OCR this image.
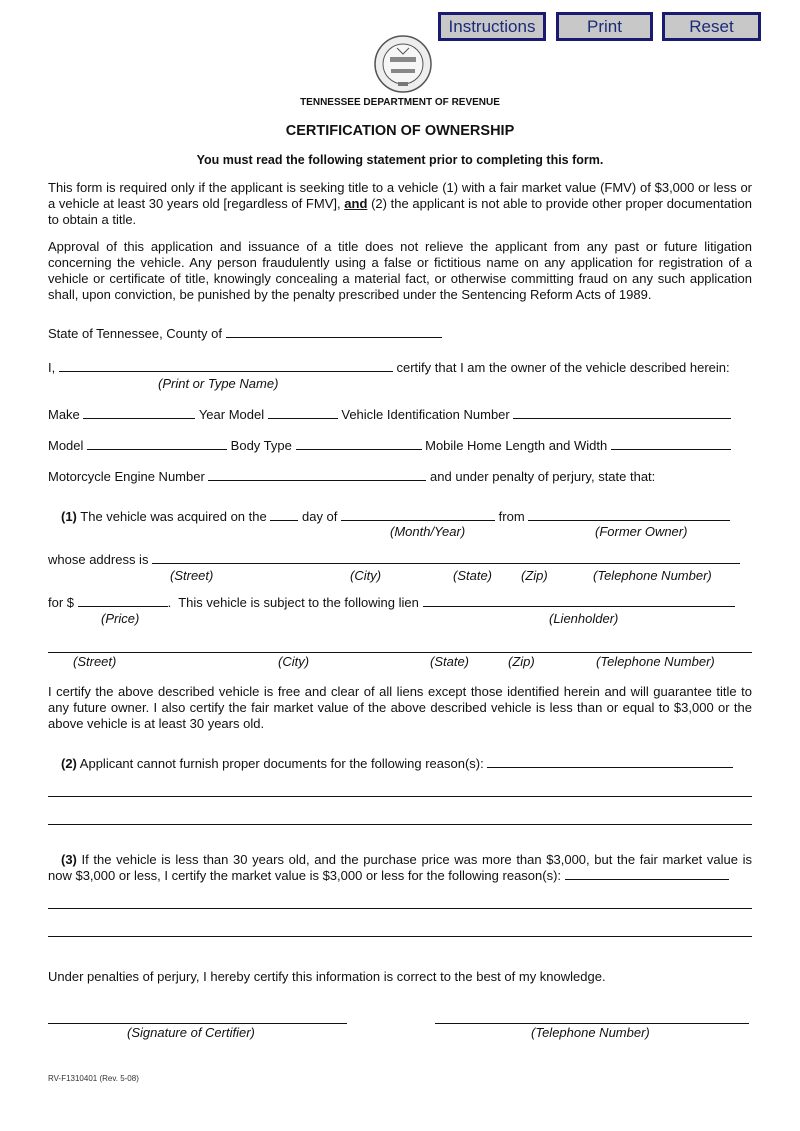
Instructions	Print	Reset
TENNESSEE DEPARTMENT OF REVENUE
CERTIFICATION OF OWNERSHIP
You must read the following statement prior to completing this form.
This form is required only if the applicant is seeking title to a vehicle (1) with a fair market value (FMV) of $3,000 or less or a vehicle at least 30 years old [regardless of FMV], and (2) the applicant is not able to provide other proper documentation to obtain a title.
Approval of this application and issuance of a title does not relieve the applicant from any past or future litigation concerning the vehicle. Any person fraudulently using a false or fictitious name on any application for registration of a vehicle or certificate of title, knowingly concealing a material fact, or otherwise committing fraud on any such application shall, upon conviction, be punished by the penalty prescribed under the Sentencing Reform Acts of 1989.
State of Tennessee, County of
I,	certify that I am the owner of the vehicle described herein:
(Print or Type Name)
Make	Year Model	Vehicle Identification Number
Model	Body Type	Mobile Home Length and Width
Motorcycle Engine Number	and under penalty of perjury, state that:
(1) The vehicle was acquired on the	day of	from
(Month/Year)	(Former Owner)
whose address is
(Street)	(City)	(State) (Zip)	(Telephone Number)
for $	.  This vehicle is subject to the following lien
(Price)	(Lienholder)
(Street)	(City)	(State)	(Zip)	(Telephone Number)
I certify the above described vehicle is free and clear of all liens except those identified herein and will guarantee title to any future owner. I also certify the fair market value of the above described vehicle is less than or equal to $3,000 or the above vehicle is at least 30 years old.
(2) Applicant cannot furnish proper documents for the following reason(s):
(3) If the vehicle is less than 30 years old, and the purchase price was more than $3,000, but the fair market value is now $3,000 or less, I certify the market value is $3,000 or less for the following reason(s):
Under penalties of perjury, I hereby certify this information is correct to the best of my knowledge.
(Signature of Certifier)	(Telephone Number)
RV-F1310401 (Rev. 5-08)
